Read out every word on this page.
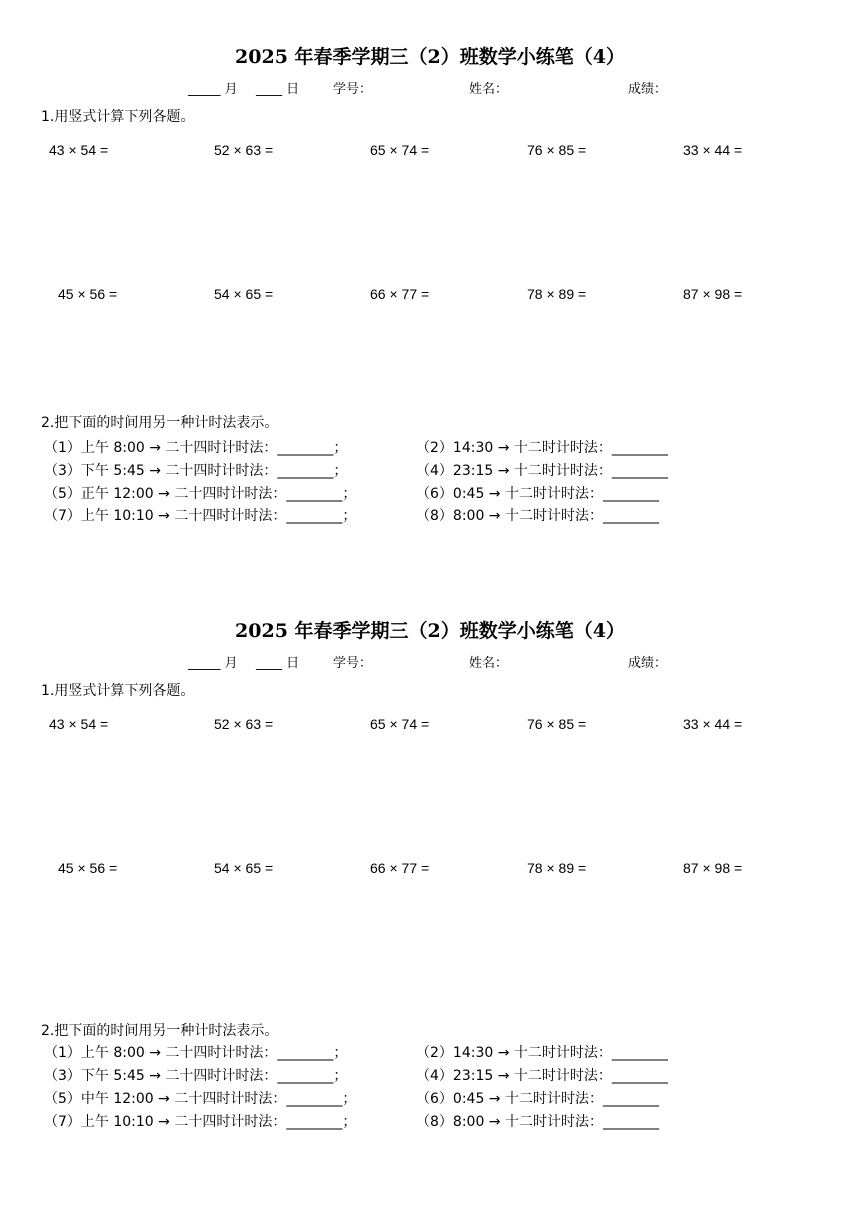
2025 年春季学期三（2）班数学小练笔（4）
_____ 月 ____ 日	学号：	姓名：	成绩：
1.用竖式计算下列各题。
43 × 54 =	52 × 63 =	65 × 74 =	76 × 85 =	33 × 44 =
45 × 56 =	54 × 65 =	66 × 77 =	78 × 89 =	87 × 98 =
2.把下面的时间用另一种计时法表示。
（1）上午 8:00 → 二十四时计时法：________；	（2）14:30 → 十二时计时法：________
（3）下午 5:45 → 二十四时计时法：________；	（4）23:15 → 十二时计时法：________
（5）正午 12:00 → 二十四时计时法：________；	（6）0:45 → 十二时计时法：________
（7）上午 10:10 → 二十四时计时法：________；	（8）8:00 → 十二时计时法：________
2025 年春季学期三（2）班数学小练笔（4）
_____ 月 ____ 日	学号：	姓名：	成绩：
1.用竖式计算下列各题。
43 × 54 =	52 × 63 =	65 × 74 =	76 × 85 =	33 × 44 =
45 × 56 =	54 × 65 =	66 × 77 =	78 × 89 =	87 × 98 =
2.把下面的时间用另一种计时法表示。
（1）上午 8:00 → 二十四时计时法：________；	（2）14:30 → 十二时计时法：________
（3）下午 5:45 → 二十四时计时法：________；	（4）23:15 → 十二时计时法：________
（5）中午 12:00 → 二十四时计时法：________；	（6）0:45 → 十二时计时法：________
（7）上午 10:10 → 二十四时计时法：________；	（8）8:00 → 十二时计时法：________
